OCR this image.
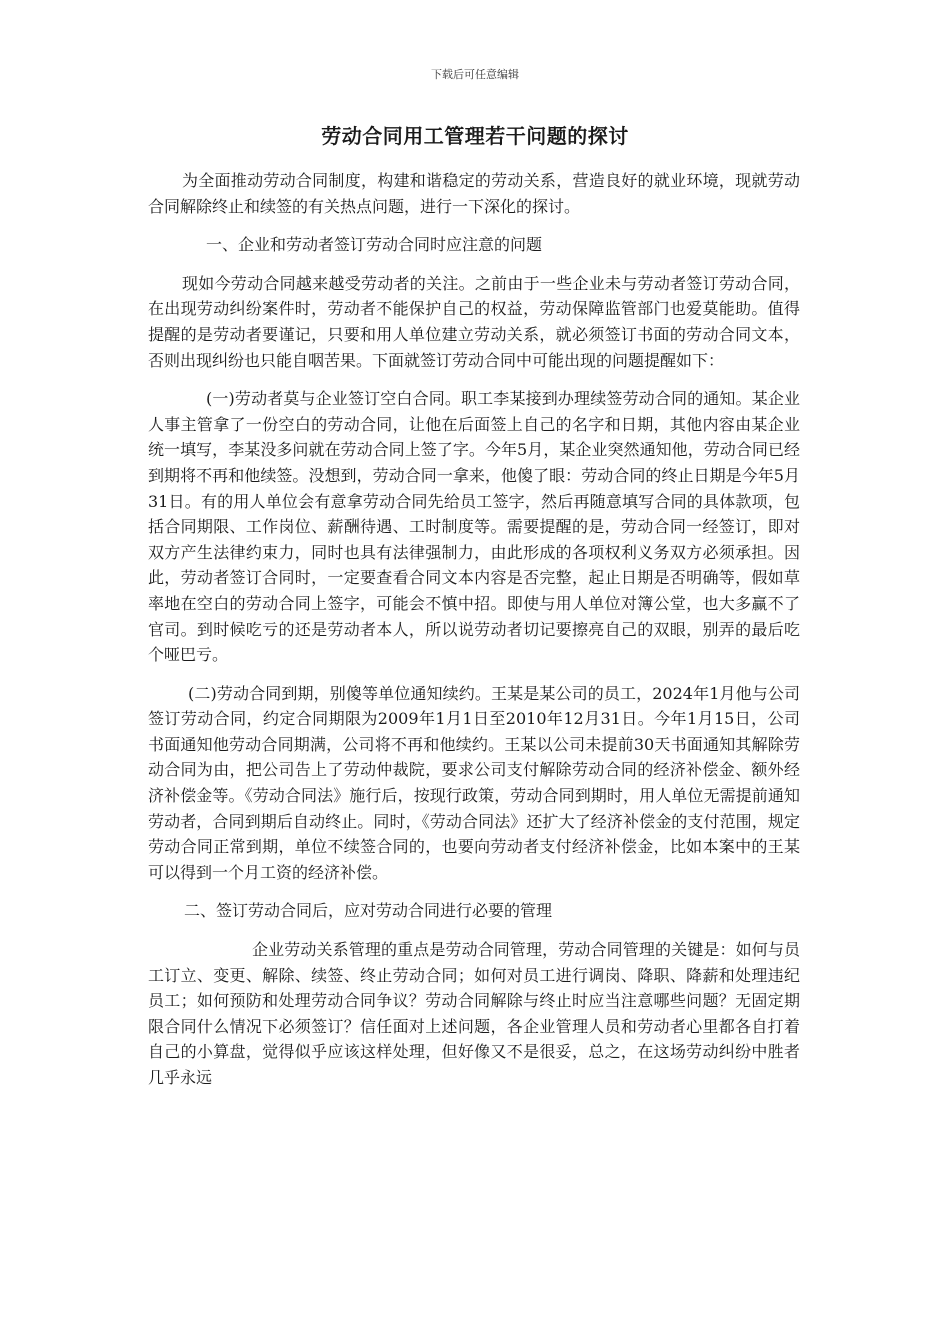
下载后可任意编辑
劳动合同用工管理若干问题的探讨

为全面推动劳动合同制度，构建和谐稳定的劳动关系，营造良好的就业环境，现就劳动合同解除终止和续签的有关热点问题，进行一下深化的探讨。

一、企业和劳动者签订劳动合同时应注意的问题

现如今劳动合同越来越受劳动者的关注。之前由于一些企业未与劳动者签订劳动合同，在出现劳动纠纷案件时，劳动者不能保护自己的权益，劳动保障监管部门也爱莫能助。值得提醒的是劳动者要谨记，只要和用人单位建立劳动关系，就必须签订书面的劳动合同文本，否则出现纠纷也只能自咽苦果。下面就签订劳动合同中可能出现的问题提醒如下：

(一)劳动者莫与企业签订空白合同。职工李某接到办理续签劳动合同的通知。某企业人事主管拿了一份空白的劳动合同，让他在后面签上自己的名字和日期，其他内容由某企业统一填写，李某没多问就在劳动合同上签了字。今年5月，某企业突然通知他，劳动合同已经到期将不再和他续签。没想到，劳动合同一拿来，他傻了眼：劳动合同的终止日期是今年5月31日。有的用人单位会有意拿劳动合同先给员工签字，然后再随意填写合同的具体款项，包括合同期限、工作岗位、薪酬待遇、工时制度等。需要提醒的是，劳动合同一经签订，即对双方产生法律约束力，同时也具有法律强制力，由此形成的各项权利义务双方必须承担。因此，劳动者签订合同时，一定要查看合同文本内容是否完整，起止日期是否明确等，假如草率地在空白的劳动合同上签字，可能会不慎中招。即使与用人单位对簿公堂，也大多赢不了官司。到时候吃亏的还是劳动者本人，所以说劳动者切记要擦亮自己的双眼，别弄的最后吃个哑巴亏。

(二)劳动合同到期，别傻等单位通知续约。王某是某公司的员工，2024年1月他与公司签订劳动合同，约定合同期限为2009年1月1日至2010年12月31日。今年1月15日，公司书面通知他劳动合同期满，公司将不再和他续约。王某以公司未提前30天书面通知其解除劳动合同为由，把公司告上了劳动仲裁院，要求公司支付解除劳动合同的经济补偿金、额外经济补偿金等。《劳动合同法》施行后，按现行政策，劳动合同到期时，用人单位无需提前通知劳动者，合同到期后自动终止。同时，《劳动合同法》还扩大了经济补偿金的支付范围，规定劳动合同正常到期，单位不续签合同的，也要向劳动者支付经济补偿金，比如本案中的王某可以得到一个月工资的经济补偿。

二、签订劳动合同后，应对劳动合同进行必要的管理

企业劳动关系管理的重点是劳动合同管理，劳动合同管理的关键是：如何与员工订立、变更、解除、续签、终止劳动合同；如何对员工进行调岗、降职、降薪和处理违纪员工；如何预防和处理劳动合同争议？劳动合同解除与终止时应当注意哪些问题？无固定期限合同什么情况下必须签订？信任面对上述问题，各企业管理人员和劳动者心里都各自打着自己的小算盘，觉得似乎应该这样处理，但好像又不是很妥，总之，在这场劳动纠纷中胜者几乎永远
